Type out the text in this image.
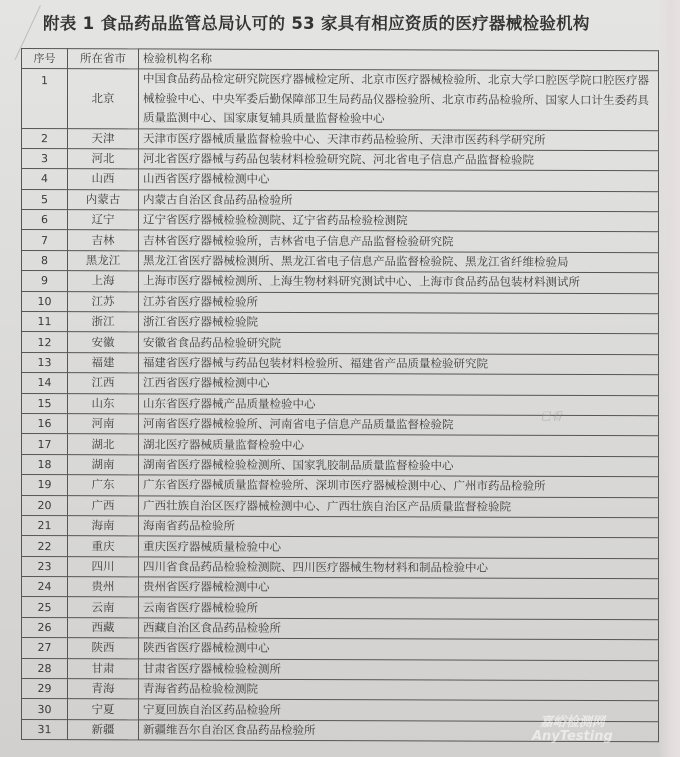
附表 1 食品药品监管总局认可的 53 家具有相应资质的医疗器械检验机构
序号	所在省市	检验机构名称
1	北京	中国食品药品检定研究院医疗器械检定所、北京市医疗器械检验所、北京大学口腔医学院口腔医疗器械检验中心、中央军委后勤保障部卫生局药品仪器检验所、北京市药品检验所、国家人口计生委药具质量监测中心、国家康复辅具质量监督检验中心
2	天津	天津市医疗器械质量监督检验中心、天津市药品检验所、天津市医药科学研究所
3	河北	河北省医疗器械与药品包装材料检验研究院、河北省电子信息产品监督检验院
4	山西	山西省医疗器械检测中心
5	内蒙古	内蒙古自治区食品药品检验所
6	辽宁	辽宁省医疗器械检验检测院、辽宁省药品检验检测院
7	吉林	吉林省医疗器械检验所，吉林省电子信息产品监督检验研究院
8	黑龙江	黑龙江省医疗器械检测所、黑龙江省电子信息产品监督检验院、黑龙江省纤维检验局
9	上海	上海市医疗器械检测所、上海生物材料研究测试中心、上海市食品药品包装材料测试所
10	江苏	江苏省医疗器械检验所
11	浙江	浙江省医疗器械检验院
12	安徽	安徽省食品药品检验研究院
13	福建	福建省医疗器械与药品包装材料检验所、福建省产品质量检验研究院
14	江西	江西省医疗器械检测中心
15	山东	山东省医疗器械产品质量检验中心
16	河南	河南省医疗器械检验所、河南省电子信息产品质量监督检验院
17	湖北	湖北医疗器械质量监督检验中心
18	湖南	湖南省医疗器械检验检测所、国家乳胶制品质量监督检验中心
19	广东	广东省医疗器械质量监督检验所、深圳市医疗器械检测中心、广州市药品检验所
20	广西	广西壮族自治区医疗器械检测中心、广西壮族自治区产品质量监督检验院
21	海南	海南省药品检验所
22	重庆	重庆医疗器械质量检验中心
23	四川	四川省食品药品检验检测院、四川医疗器械生物材料和制品检验中心
24	贵州	贵州省医疗器械检测中心
25	云南	云南省医疗器械检验所
26	西藏	西藏自治区食品药品检验所
27	陕西	陕西省医疗器械检测中心
28	甘肃	甘肃省医疗器械检验检测所
29	青海	青海省药品检验检测院
30	宁夏	宁夏回族自治区药品检验所
31	新疆	新疆维吾尔自治区食品药品检验所
已看
嘉峪检测网
AnyTesting
